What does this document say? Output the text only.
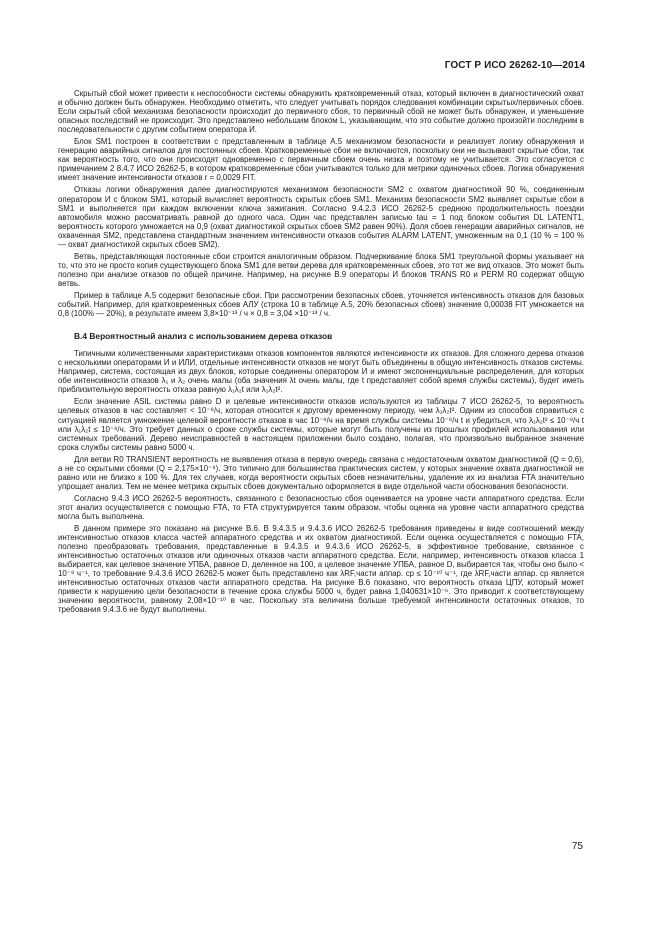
ГОСТ Р ИСО 26262-10—2014

Скрытый сбой может привести к неспособности системы обнаружить кратковременный отказ, который включен в диагностический охват и обычно должен быть обнаружен. Необходимо отметить, что следует учитывать порядок следования комбинации скрытых/первичных сбоев. Если скрытый сбой механизма безопасности происходит до первичного сбоя, то первичный сбой не может быть обнаружен, и уменьшение опасных последствий не происходит. Это представлено небольшим блоком L, указывающим, что это событие должно произойти последним в последовательности с другим событием оператора И.

Блок SM1 построен в соответствии с представленным в таблице А.5 механизмом безопасности и реализует логику обнаружения и генерацию аварийных сигналов для постоянных сбоев. Кратковременные сбои не включаются, поскольку они не вызывают скрытые сбои, так как вероятность того, что они происходят одновременно с первичным сбоем очень низка и поэтому не учитывается. Это согласуется с примечанием 2 8.4.7 ИСО 26262-5, в котором кратковременные сбои учитываются только для метрики одиночных сбоев. Логика обнаружения имеет значение интенсивности отказов r = 0,0029 FIT.

Отказы логики обнаружения далее диагностируются механизмом безопасности SM2 с охватом диагностикой 90 %, соединенным оператором И с блоком SM1, который вычисляет вероятность скрытых сбоев SM1. Механизм безопасности SM2 выявляет скрытые сбои в SM1 и выполняется при каждом включении ключа зажигания. Согласно 9.4.2.3 ИСО 26262-5 среднюю продолжительность поездки автомобиля можно рассматривать равной до одного часа. Один час представлен записью tau = 1 под блоком события DL LATENT1, вероятность которого умножается на 0,9 (охват диагностикой скрытых сбоев SM2 равен 90%). Доля сбоев генерации аварийных сигналов, не охваченная SM2, представлена стандартным значением интенсивности отказов события ALARM LATENT, умноженным на 0,1 (10 % = 100 % — охват диагностикой скрытых сбоев SM2).

Ветвь, представляющая постоянные сбои строится аналогичным образом. Подчеркивание блока SM1 треугольной формы указывает на то, что это не просто копия существующего блока SM1 для ветви дерева для кратковременных сбоев, это тот же вид отказов. Это может быть полезно при анализе отказов по общей причине. Например, на рисунке В.9 операторы И блоков TRANS R0 и PERM R0 содержат общую ветвь.

Пример в таблице А.5 содержит безопасные сбои. При рассмотрении безопасных сбоев, уточняется интенсивность отказов для базовых событий. Например, для кратковременных сбоев АЛУ (строка 10 в таблице А.5, 20% безопасных сбоев) значение 0,00038 FIT умножается на 0,8 (100% — 20%), в результате имеем 3,8×10⁻¹³ / ч × 0,8 = 3,04 ×10⁻¹³ / ч.

В.4 Вероятностный анализ с использованием дерева отказов

Типичными количественными характеристиками отказов компонентов являются интенсивности их отказов. Для сложного дерева отказов с несколькими операторами И и ИЛИ, отдельные интенсивности отказов не могут быть объединены в общую интенсивность отказов системы. Например, система, состоящая из двух блоков, которые соединены оператором И и имеют экспоненциальные распределения, для которых обе интенсивности отказов λ₁ и λ₂ очень малы (оба значения λt очень малы, где t представляет собой время службы системы), будет иметь приблизительную вероятность отказа равную λ₁λ₂t или λ₁λ₂t².

Если значение ASIL системы равно D и целевые интенсивности отказов используются из таблицы 7 ИСО 26262-5, то вероятность целевых отказов в час составляет < 10⁻⁸/ч, которая относится к другому временному периоду, чем λ₁λ₂t². Одним из способов справиться с ситуацией является умножение целевой вероятности отказов в час 10⁻⁸/ч на время службы системы 10⁻⁸/ч t и убедиться, что λ₁λ₂t² ≤ 10⁻⁸/ч t или λ₁λ₂t ≤ 10⁻⁸/ч. Это требует данных о сроке службы системы, которые могут быть получены из прошлых профилей использования или системных требований. Дерево неисправностей в настоящем приложении было создано, полагая, что произвольно выбранное значение срока службы системы равно 5000 ч.

Для ветви R0 TRANSIENT вероятность не выявления отказа в первую очередь связана с недостаточным охватом диагностикой (Q = 0,6), а не со скрытыми сбоями (Q = 2,175×10⁻⁹). Это типично для большинства практических систем, у которых значение охвата диагностикой не равно или не близко к 100 %. Для тех случаев, когда вероятности скрытых сбоев незначительны, удаление их из анализа FTA значительно упрощает анализ. Тем не менее метрика скрытых сбоев документально оформляется в виде отдельной части обоснования безопасности.

Согласно 9.4.3 ИСО 26262-5 вероятность, связанного с безопасностью сбоя оценивается на уровне части аппаратного средства. Если этот анализ осуществляется с помощью FTA, то FTA структурируется таким образом, чтобы оценка на уровне части аппаратного средства могла быть выполнена.

В данном примере это показано на рисунке В.6. В 9.4.3.5 и 9.4.3.6 ИСО 26262-5 требования приведены в виде соотношений между интенсивностью отказов класса частей аппаратного средства и их охватом диагностикой. Если оценка осуществляется с помощью FTA, полезно преобразовать требования, представленные в 9.4.3.5 и 9.4.3.6 ИСО 26262-5, в эффективное требование, связанное с интенсивностью остаточных отказов или одиночных отказов части аппаратного средства. Если, например, интенсивность отказов класса 1 выбирается, как целевое значение УПБА, равное D, деленное на 100, а целевое значение УПБА, равное D, выбирается так, чтобы оно было < 10⁻⁸ ч⁻¹, то требование 9.4.3.6 ИСО 26262-5 может быть представлено как λRF,части аппар. ср ≤ 10⁻¹⁰ ч⁻¹, где λRF,части аппар. ср является интенсивностью остаточных отказов части аппаратного средства. На рисунке В.6 показано, что вероятность отказа ЦПУ, который может привести к нарушению цели безопасности в течение срока службы 5000 ч, будет равна 1,040631×10⁻⁶. Это приводит к соответствующему значению вероятности, равному 2,08×10⁻¹⁰ в час. Поскольку эта величина больше требуемой интенсивности остаточных отказов, то требования 9.4.3.6 не будут выполнены.

75
